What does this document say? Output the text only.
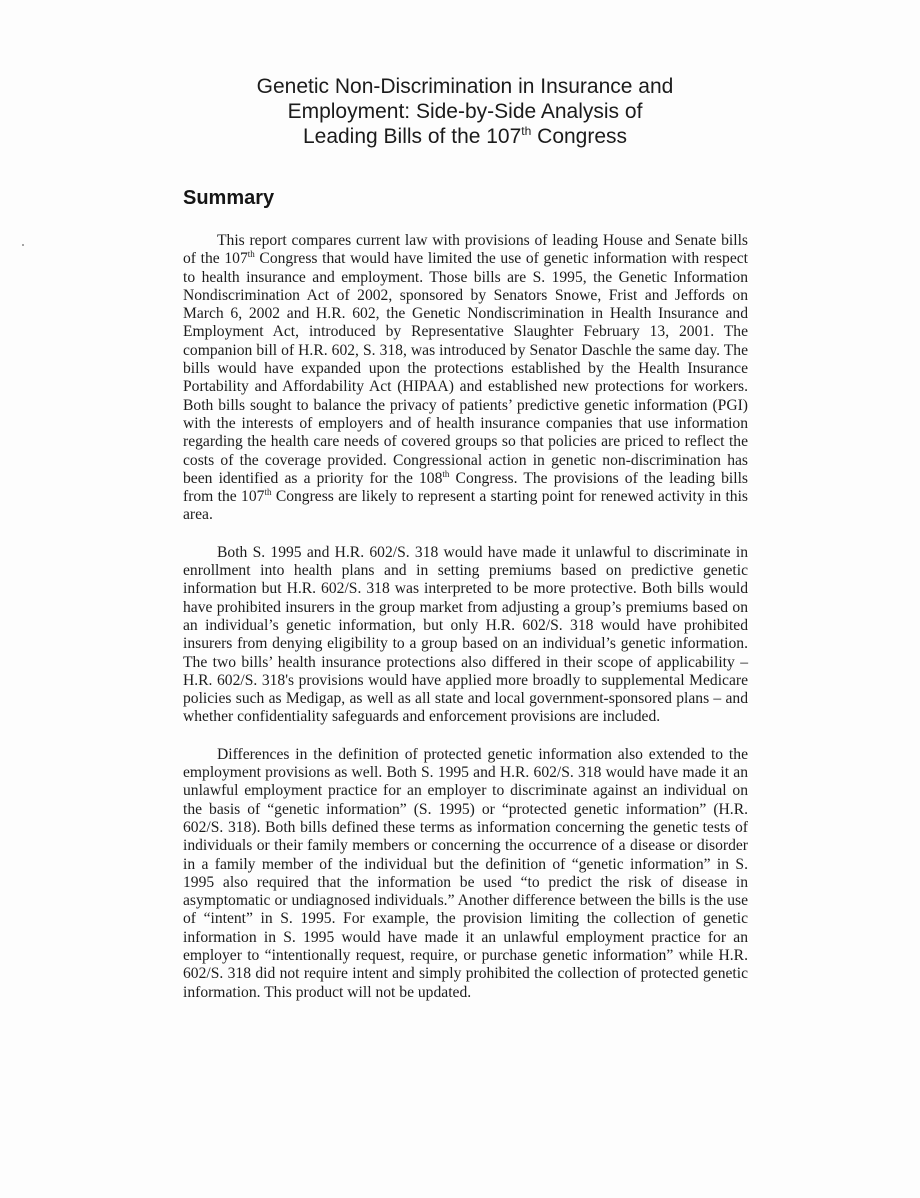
Genetic Non-Discrimination in Insurance and
Employment: Side-by-Side Analysis of
Leading Bills of the 107th Congress
Summary

This report compares current law with provisions of leading House and Senate bills of the 107th Congress that would have limited the use of genetic information with respect to health insurance and employment. Those bills are S. 1995, the Genetic Information Nondiscrimination Act of 2002, sponsored by Senators Snowe, Frist and Jeffords on March 6, 2002 and H.R. 602, the Genetic Nondiscrimination in Health Insurance and Employment Act, introduced by Representative Slaughter February 13, 2001. The companion bill of H.R. 602, S. 318, was introduced by Senator Daschle the same day. The bills would have expanded upon the protections established by the Health Insurance Portability and Affordability Act (HIPAA) and established new protections for workers. Both bills sought to balance the privacy of patients’ predictive genetic information (PGI) with the interests of employers and of health insurance companies that use information regarding the health care needs of covered groups so that policies are priced to reflect the costs of the coverage provided. Congressional action in genetic non-discrimination has been identified as a priority for the 108th Congress. The provisions of the leading bills from the 107th Congress are likely to represent a starting point for renewed activity in this area.

Both S. 1995 and H.R. 602/S. 318 would have made it unlawful to discriminate in enrollment into health plans and in setting premiums based on predictive genetic information but H.R. 602/S. 318 was interpreted to be more protective. Both bills would have prohibited insurers in the group market from adjusting a group’s premiums based on an individual’s genetic information, but only H.R. 602/S. 318 would have prohibited insurers from denying eligibility to a group based on an individual’s genetic information. The two bills’ health insurance protections also differed in their scope of applicability – H.R. 602/S. 318's provisions would have applied more broadly to supplemental Medicare policies such as Medigap, as well as all state and local government-sponsored plans – and whether confidentiality safeguards and enforcement provisions are included.

Differences in the definition of protected genetic information also extended to the employment provisions as well. Both S. 1995 and H.R. 602/S. 318 would have made it an unlawful employment practice for an employer to discriminate against an individual on the basis of “genetic information” (S. 1995) or “protected genetic information” (H.R. 602/S. 318). Both bills defined these terms as information concerning the genetic tests of individuals or their family members or concerning the occurrence of a disease or disorder in a family member of the individual but the definition of “genetic information” in S. 1995 also required that the information be used “to predict the risk of disease in asymptomatic or undiagnosed individuals.” Another difference between the bills is the use of “intent” in S. 1995. For example, the provision limiting the collection of genetic information in S. 1995 would have made it an unlawful employment practice for an employer to “intentionally request, require, or purchase genetic information” while H.R. 602/S. 318 did not require intent and simply prohibited the collection of protected genetic information. This product will not be updated.
